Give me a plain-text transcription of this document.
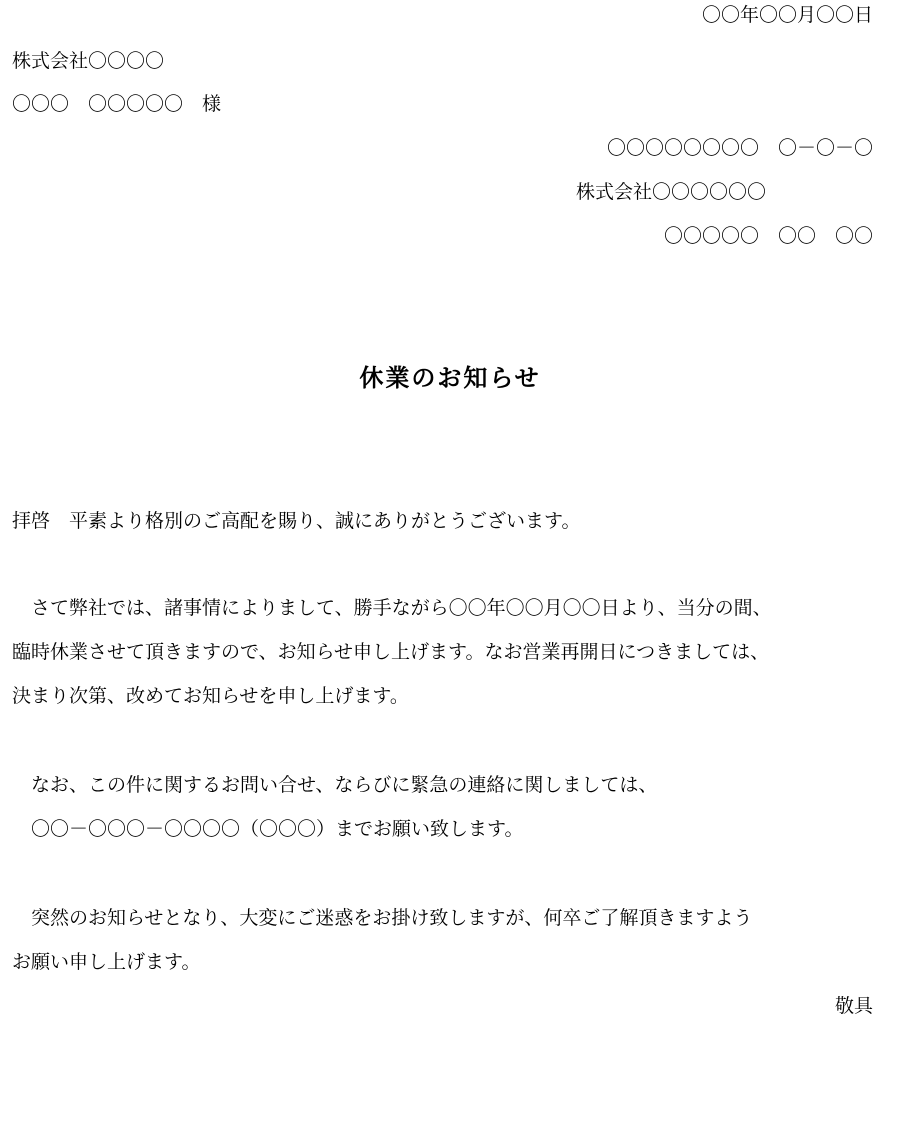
〇〇年〇〇月〇〇日
株式会社〇〇〇〇
〇〇〇　〇〇〇〇〇　様
〇〇〇〇〇〇〇〇　〇－〇－〇
株式会社〇〇〇〇〇〇
〇〇〇〇〇　〇〇　〇〇
休業のお知らせ
拝啓　平素より格別のご高配を賜り、誠にありがとうございます。
　さて弊社では、諸事情によりまして、勝手ながら〇〇年〇〇月〇〇日より、当分の間、
臨時休業させて頂きますので、お知らせ申し上げます。なお営業再開日につきましては、
決まり次第、改めてお知らせを申し上げます。
　なお、この件に関するお問い合せ、ならびに緊急の連絡に関しましては、
　〇〇－〇〇〇－〇〇〇〇（〇〇〇）までお願い致します。
　突然のお知らせとなり、大変にご迷惑をお掛け致しますが、何卒ご了解頂きますよう
お願い申し上げます。
敬具
